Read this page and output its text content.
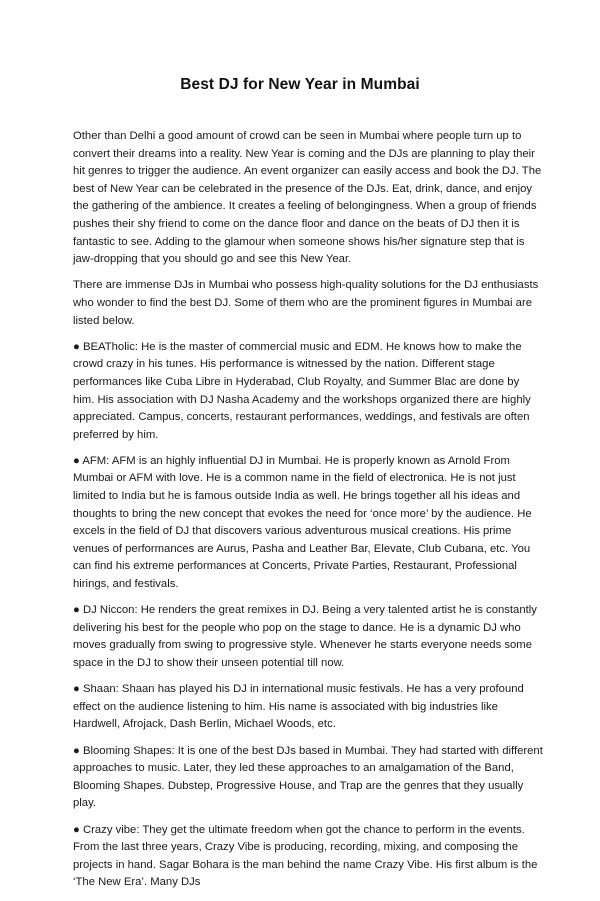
Best DJ for New Year in Mumbai

Other than Delhi a good amount of crowd can be seen in Mumbai where people turn up to convert their dreams into a reality. New Year is coming and the DJs are planning to play their hit genres to trigger the audience. An event organizer can easily access and book the DJ. The best of New Year can be celebrated in the presence of the DJs. Eat, drink, dance, and enjoy the gathering of the ambience. It creates a feeling of belongingness. When a group of friends pushes their shy friend to come on the dance floor and dance on the beats of DJ then it is fantastic to see. Adding to the glamour when someone shows his/her signature step that is jaw-dropping that you should go and see this New Year.

There are immense DJs in Mumbai who possess high-quality solutions for the DJ enthusiasts who wonder to find the best DJ. Some of them who are the prominent figures in Mumbai are listed below.

● BEATholic: He is the master of commercial music and EDM. He knows how to make the crowd crazy in his tunes. His performance is witnessed by the nation. Different stage performances like Cuba Libre in Hyderabad, Club Royalty, and Summer Blac are done by him. His association with DJ Nasha Academy and the workshops organized there are highly appreciated. Campus, concerts, restaurant performances, weddings, and festivals are often preferred by him.

● AFM: AFM is an highly influential DJ in Mumbai. He is properly known as Arnold From Mumbai or AFM with love. He is a common name in the field of electronica. He is not just limited to India but he is famous outside India as well. He brings together all his ideas and thoughts to bring the new concept that evokes the need for ‘once more’ by the audience. He excels in the field of DJ that discovers various adventurous musical creations. His prime venues of performances are Aurus, Pasha and Leather Bar, Elevate, Club Cubana, etc. You can find his extreme performances at Concerts, Private Parties, Restaurant, Professional hirings, and festivals.

● DJ Niccon: He renders the great remixes in DJ. Being a very talented artist he is constantly delivering his best for the people who pop on the stage to dance. He is a dynamic DJ who moves gradually from swing to progressive style. Whenever he starts everyone needs some space in the DJ to show their unseen potential till now.

● Shaan: Shaan has played his DJ in international music festivals. He has a very profound effect on the audience listening to him. His name is associated with big industries like Hardwell, Afrojack, Dash Berlin, Michael Woods, etc.

● Blooming Shapes: It is one of the best DJs based in Mumbai. They had started with different approaches to music. Later, they led these approaches to an amalgamation of the Band, Blooming Shapes. Dubstep, Progressive House, and Trap are the genres that they usually play.

● Crazy vibe: They get the ultimate freedom when got the chance to perform in the events. From the last three years, Crazy Vibe is producing, recording, mixing, and composing the projects in hand. Sagar Bohara is the man behind the name Crazy Vibe. His first album is the ‘The New Era’. Many DJs
